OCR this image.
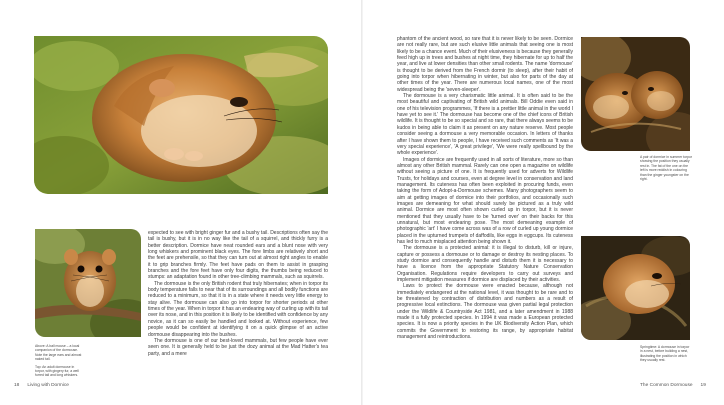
expected to see with bright ginger fur and a bushy tail. Descriptions often say the tail is bushy, but it is in no way like the tail of a squirrel, and thickly furry is a better description. Dormice have neat rounded ears and a blunt nose with very long whiskers and prominent black eyes. The fore limbs are relatively short and the feet are prehensile, so that they can turn out at almost right angles to enable it to grip branches firmly. The feet have pads on them to assist in grasping branches and the fore feet have only four digits, the thumbs being reduced to stumps: an adaptation found in other tree-climbing mammals, such as squirrels.

The dormouse is the only British rodent that truly hibernates; when in torpor its body temperature falls to near that of its surroundings and all bodily functions are reduced to a minimum, so that it is in a state where it needs very little energy to stay alive. The dormouse can also go into torpor for shorter periods at other times of the year. When in torpor it has an endearing way of curling up with its tail over its nose, and in this position it is likely to be identified with confidence by any novice, as it can so easily be handled and looked at. Without experience, few people would be confident at identifying it on a quick glimpse of an active dormouse disappearing into the bushes.

The dormouse is one of our best-loved mammals, but few people have ever seen one. It is generally held to be just the dozy animal at the Mad Hatter's tea party, and a mere

Above: A ball mouse – a local companion of the dormouse. Note the large ears and almost naked tail.

Top: An adult dormouse in torpor, with gingery fur, a well furred tail and long whiskers.

phantom of the ancient wood, so rare that it is never likely to be seen. Dormice are not really rare, but are such elusive little animals that seeing one is most likely to be a chance event. Much of their elusiveness is because they generally feed high up in trees and bushes at night time, they hibernate for up to half the year, and live at lower densities than other small rodents. The name 'dormouse' is thought to be derived from the French dormir (to sleep), after their habit of going into torpor when hibernating in winter, but also for parts of the day at other times of the year. There are numerous local names, one of the most widespread being the 'seven-sleeper'.

The dormouse is a very charismatic little animal. It is often said to be the most beautiful and captivating of British wild animals. Bill Oddie even said in one of his television programmes, 'If there is a prettier little animal in the world I have yet to see it.' The dormouse has become one of the chief icons of British wildlife. It is thought to be so special and so rare, that there always seems to be kudos in being able to claim it as present on any nature reserve. Most people consider seeing a dormouse a very memorable occasion. In letters of thanks after I have shown them to people, I have received such comments as 'It was a very special experience', 'A great privilege', 'We were really spellbound by the whole experience'.

Images of dormice are frequently used in all sorts of literature, more so than almost any other British mammal. Rarely can one open a magazine on wildlife without seeing a picture of one. It is frequently used for adverts for Wildlife Trusts, for holidays and courses, even at degree level in conservation and land management. Its cuteness has often been exploited in procuring funds, even taking the form of Adopt-a-Dormouse schemes. Many photographers seem to aim at getting images of dormice into their portfolios, and occasionally such images are demeaning for what should surely be pictured as a truly wild animal. Dormice are most often shown curled up in torpor, but it is never mentioned that they usually have to be 'turned over' on their backs for this unnatural, but most endearing pose. The most demeaning example of photographic 'art' I have come across was of a row of curled up young dormice placed in the upturned trumpets of daffodils, like eggs in eggcups. Its cuteness has led to much misplaced attention being shown it.

The dormouse is a protected animal: it is illegal to disturb, kill or injure, capture or possess a dormouse or to damage or destroy its nesting places. To study dormice and consequently handle and disturb them it is necessary to have a licence from the appropriate Statutory Nature Conservation Organisation. Regulations require developers to carry out surveys and implement mitigation measures if dormice are displaced by their activities.

Laws to protect the dormouse were enacted because, although not immediately endangered at the national level, it was thought to be rare and to be threatened by contraction of distribution and numbers as a result of progressive local extinctions. The dormouse was given partial legal protection under the Wildlife & Countryside Act 1981, and a later amendment in 1988 made it a fully protected species. In 1994 it was made a European protected species. It is now a priority species in the UK Biodiversity Action Plan, which commits the Government to restoring its range, by appropriate habitat management and reintroductions.

A pair of dormice in summer torpor showing the position they usually rest in. The fat of the one on the left is more reddish in colouring than the ginger youngster on the right.

Springtime: A dormouse in torpor in a nest, before building a nest, illustrating the position in which they usually rest.

18 Living with Dormice	The Common Dormouse 19
